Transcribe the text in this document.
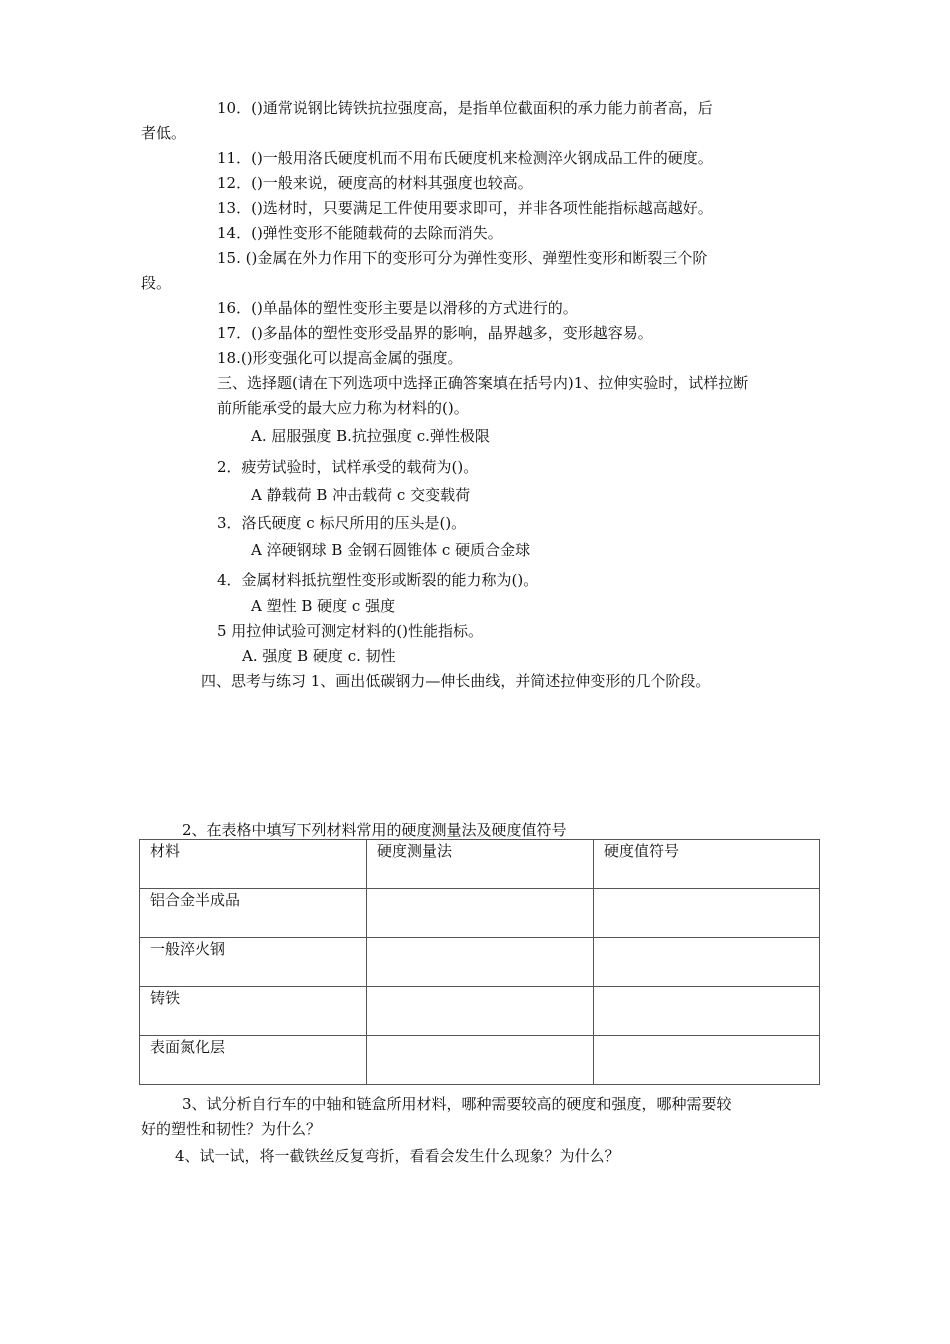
10．()通常说钢比铸铁抗拉强度高，是指单位截面积的承力能力前者高，后
者低。
11．()一般用洛氏硬度机而不用布氏硬度机来检测淬火钢成品工件的硬度。
12．()一般来说，硬度高的材料其强度也较高。
13．()选材时，只要满足工件使用要求即可，并非各项性能指标越高越好。
14．()弹性变形不能随载荷的去除而消失。
15. ()金属在外力作用下的变形可分为弹性变形、弹塑性变形和断裂三个阶
段。
16．()单晶体的塑性变形主要是以滑移的方式进行的。
17．()多晶体的塑性变形受晶界的影响，晶界越多，变形越容易。
18.()形变强化可以提高金属的强度。
三、选择题(请在下列选项中选择正确答案填在括号内)1、拉伸实验时，试样拉断
前所能承受的最大应力称为材料的()。
A. 屈服强度 B.抗拉强度 c.弹性极限
2．疲劳试验时，试样承受的载荷为()。
A 静载荷 B 冲击载荷 c 交变载荷
3．洛氏硬度 c 标尺所用的压头是()。
A 淬硬钢球 B 金钢石圆锥体 c 硬质合金球
4．金属材料抵抗塑性变形或断裂的能力称为()。
A 塑性 B 硬度 c 强度
5 用拉伸试验可测定材料的()性能指标。
A. 强度 B 硬度 c. 韧性
四、思考与练习 1、画出低碳钢力—伸长曲线，并简述拉伸变形的几个阶段。
2、在表格中填写下列材料常用的硬度测量法及硬度值符号
材料	硬度测量法	硬度值符号
铝合金半成品		
一般淬火钢		
铸铁		
表面氮化层		
3、试分析自行车的中轴和链盒所用材料，哪种需要较高的硬度和强度，哪种需要较
好的塑性和韧性？为什么？
4、试一试，将一截铁丝反复弯折，看看会发生什么现象？为什么？
